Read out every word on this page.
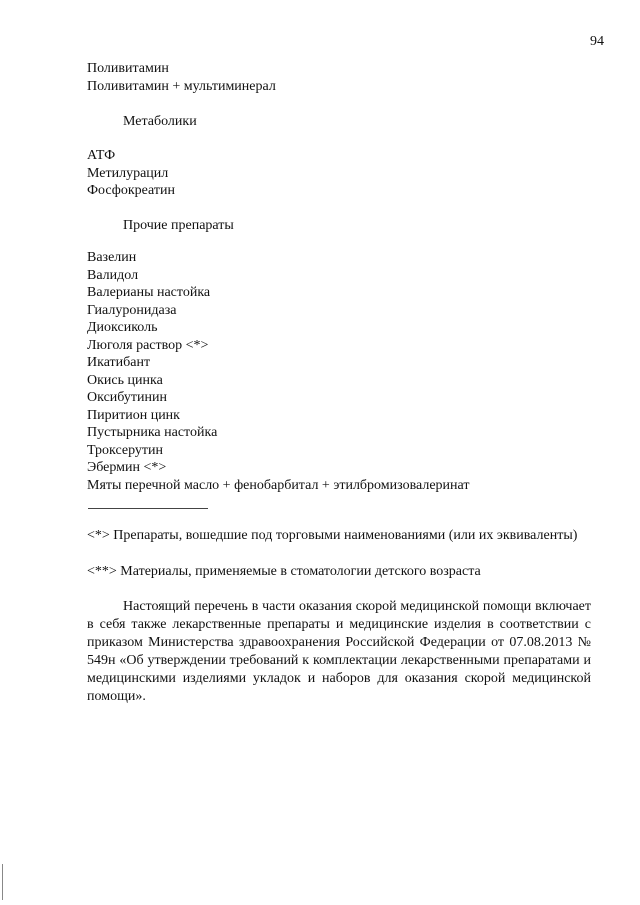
94
Поливитамин
Поливитамин + мультиминерал
Метаболики
АТФ
Метилурацил
Фосфокреатин
Прочие препараты
Вазелин
Валидол
Валерианы настойка
Гиалуронидаза
Диоксиколь
Люголя раствор <*>
Икатибант
Окись цинка
Оксибутинин
Пиритион цинк
Пустырника настойка
Троксерутин
Эбермин <*>
Мяты перечной масло + фенобарбитал + этилбромизовалеринат

<*> Препараты, вошедшие под торговыми наименованиями (или их эквиваленты)

<**> Материалы, применяемые в стоматологии детского возраста

Настоящий перечень в части оказания скорой медицинской помощи включает в себя также лекарственные препараты и медицинские изделия в соответствии с приказом Министерства здравоохранения Российской Федерации от 07.08.2013 № 549н «Об утверждении требований к комплектации лекарственными препаратами и медицинскими изделиями укладок и наборов для оказания скорой медицинской помощи».
